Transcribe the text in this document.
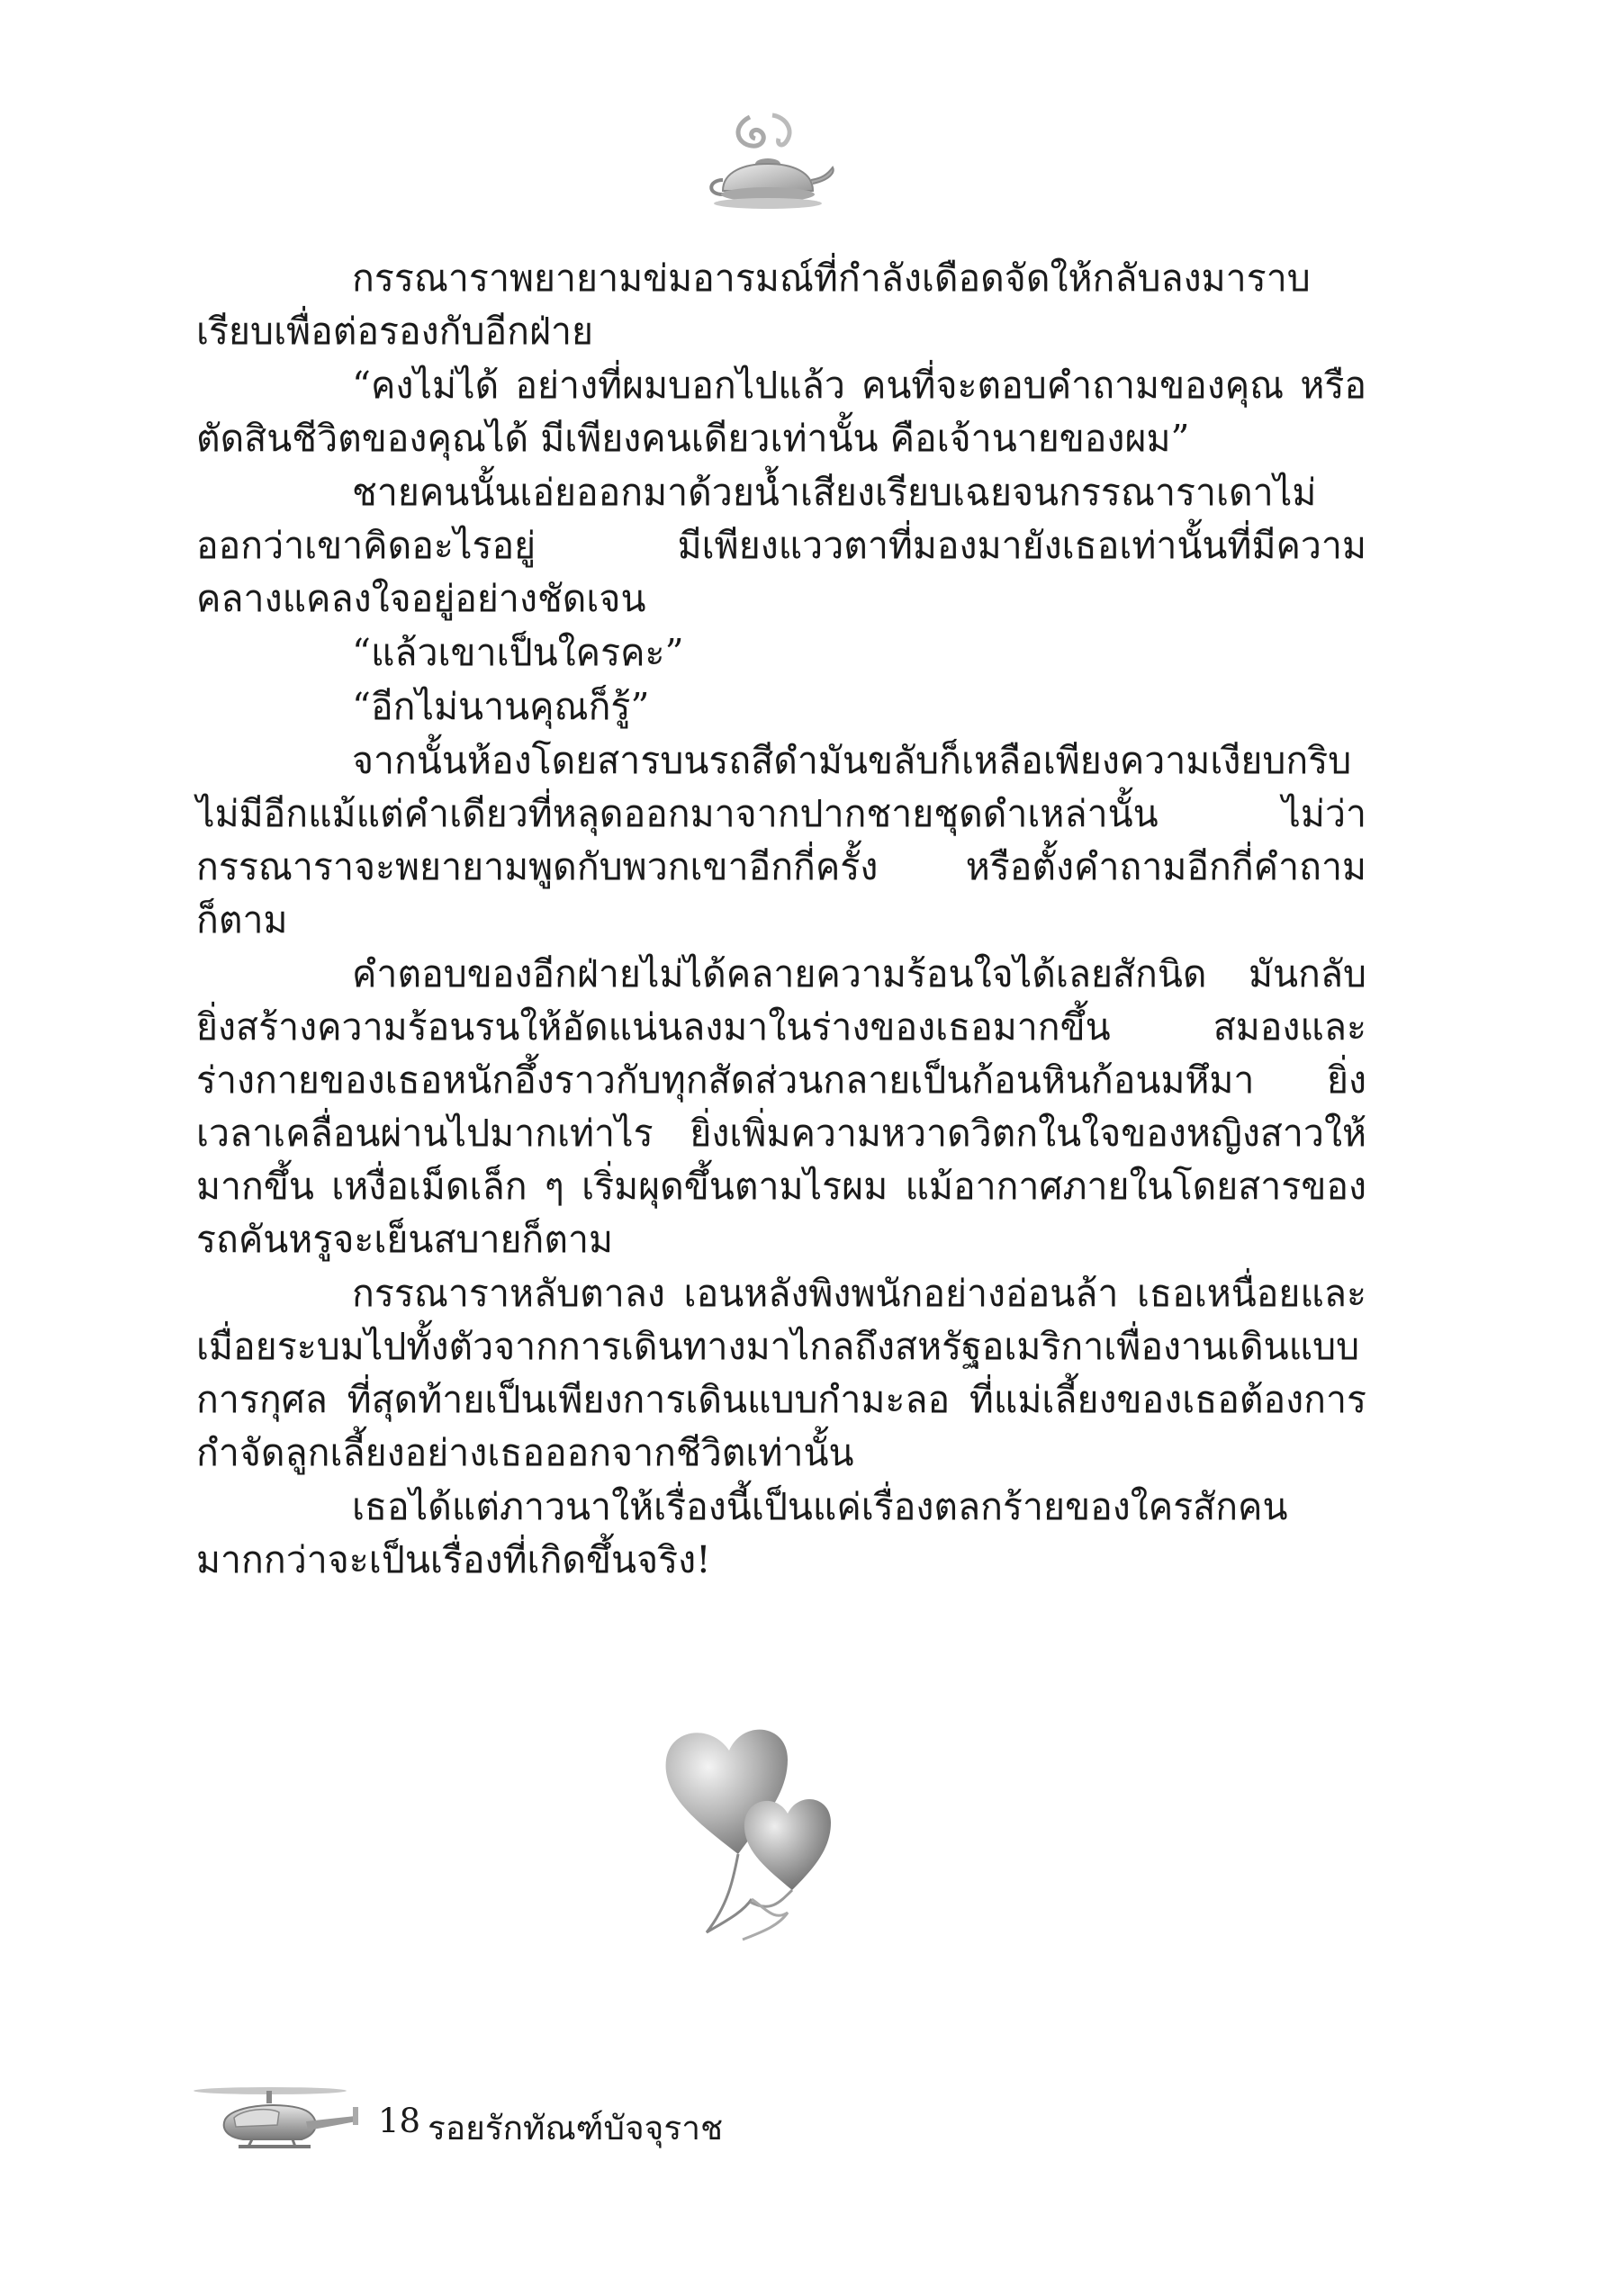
กรรณาราพยายามข่มอารมณ์ที่กำลังเดือดจัดให้กลับลงมาราบเรียบเพื่อต่อรองกับอีกฝ่าย

“คงไม่ได้ อย่างที่ผมบอกไปแล้ว คนที่จะตอบคำถามของคุณ หรือตัดสินชีวิตของคุณได้ มีเพียงคนเดียวเท่านั้น คือเจ้านายของผม”

ชายคนนั้นเอ่ยออกมาด้วยน้ำเสียงเรียบเฉยจนกรรณาราเดาไม่ออกว่าเขาคิดอะไรอยู่ มีเพียงแววตาที่มองมายังเธอเท่านั้นที่มีความคลางแคลงใจอยู่อย่างชัดเจน

“แล้วเขาเป็นใครคะ”

“อีกไม่นานคุณก็รู้”

จากนั้นห้องโดยสารบนรถสีดำมันขลับก็เหลือเพียงความเงียบกริบ ไม่มีอีกแม้แต่คำเดียวที่หลุดออกมาจากปากชายชุดดำเหล่านั้น ไม่ว่ากรรณาราจะพยายามพูดกับพวกเขาอีกกี่ครั้ง หรือตั้งคำถามอีกกี่คำถามก็ตาม

คำตอบของอีกฝ่ายไม่ได้คลายความร้อนใจได้เลยสักนิด มันกลับยิ่งสร้างความร้อนรนให้อัดแน่นลงมาในร่างของเธอมากขึ้น สมองและร่างกายของเธอหนักอึ้งราวกับทุกสัดส่วนกลายเป็นก้อนหินก้อนมหึมา ยิ่งเวลาเคลื่อนผ่านไปมากเท่าไร ยิ่งเพิ่มความหวาดวิตกในใจของหญิงสาวให้มากขึ้น เหงื่อเม็ดเล็ก ๆ เริ่มผุดขึ้นตามไรผม แม้อากาศภายในโดยสารของรถคันหรูจะเย็นสบายก็ตาม

กรรณาราหลับตาลง เอนหลังพิงพนักอย่างอ่อนล้า เธอเหนื่อยและเมื่อยระบมไปทั้งตัวจากการเดินทางมาไกลถึงสหรัฐอเมริกาเพื่องานเดินแบบการกุศล ที่สุดท้ายเป็นเพียงการเดินแบบกำมะลอ ที่แม่เลี้ยงของเธอต้องการกำจัดลูกเลี้ยงอย่างเธอออกจากชีวิตเท่านั้น

เธอได้แต่ภาวนาให้เรื่องนี้เป็นแค่เรื่องตลกร้ายของใครสักคน มากกว่าจะเป็นเรื่องที่เกิดขึ้นจริง!

18 รอยรักทัณฑ์บัจจุราช
